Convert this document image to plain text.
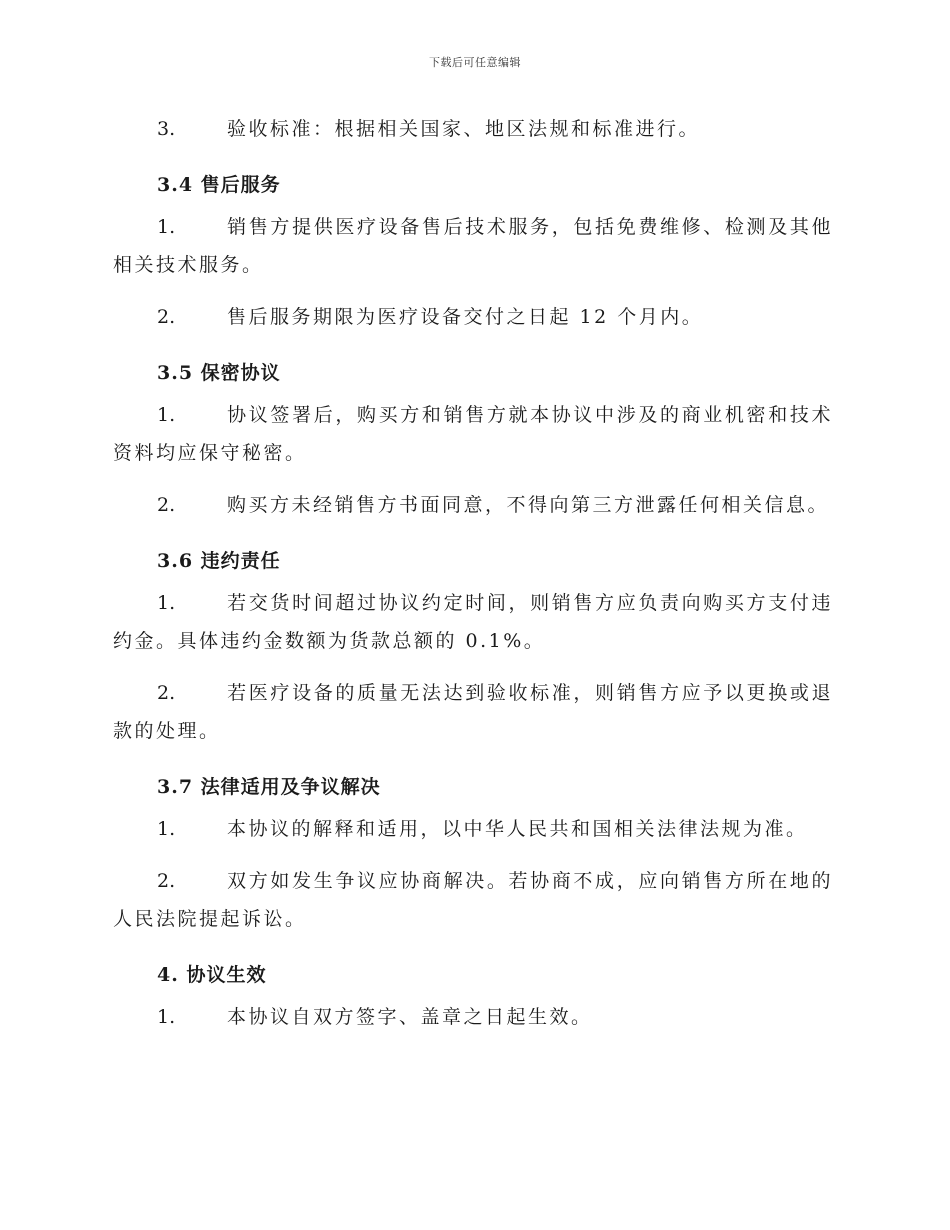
下载后可任意编辑
3.	验收标准：根据相关国家、地区法规和标准进行。
3.4 售后服务
1.	销售方提供医疗设备售后技术服务，包括免费维修、检测及其他相关技术服务。
2.	售后服务期限为医疗设备交付之日起 12 个月内。
3.5 保密协议
1.	协议签署后，购买方和销售方就本协议中涉及的商业机密和技术资料均应保守秘密。
2.	购买方未经销售方书面同意，不得向第三方泄露任何相关信息。
3.6 违约责任
1.	若交货时间超过协议约定时间，则销售方应负责向购买方支付违约金。具体违约金数额为货款总额的 0.1%。
2.	若医疗设备的质量无法达到验收标准，则销售方应予以更换或退款的处理。
3.7 法律适用及争议解决
1.	本协议的解释和适用，以中华人民共和国相关法律法规为准。
2.	双方如发生争议应协商解决。若协商不成，应向销售方所在地的人民法院提起诉讼。
4. 协议生效
1.	本协议自双方签字、盖章之日起生效。
